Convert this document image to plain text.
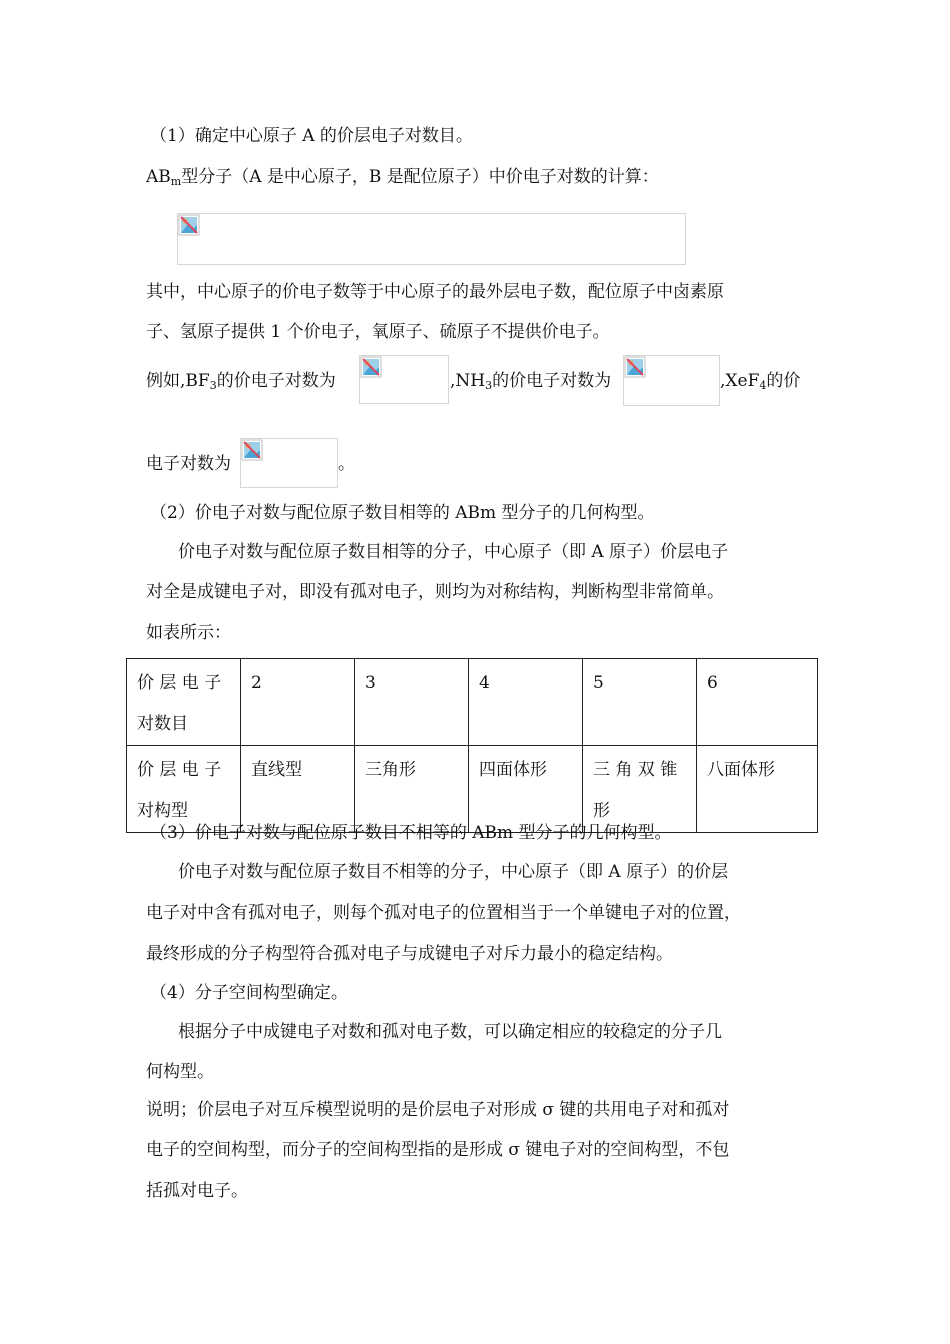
（1）确定中心原子 A 的价层电子对数目。
$AB_m$型分子（A 是中心原子，B 是配位原子）中价电子对数的计算：
其中，中心原子的价电子数等于中心原子的最外层电子数，配位原子中卤素原
子、氢原子提供 1 个价电子，氧原子、硫原子不提供价电子。
例如$,BF_3$的价电子对数为	$,NH_3$的价电子对数为	,XeF$_4$的价
电子对数为	。
（2）价电子对数与配位原子数目相等的 ABm 型分子的几何构型。
价电子对数与配位原子数目相等的分子，中心原子（即 A 原子）价层电子
对全是成键电子对，即没有孤对电子，则均为对称结构，判断构型非常简单。
如表所示：
价 层 电 子
对数目	2	3	4	5	6
价 层 电 子
对构型	直线型	三角形	四面体形	三 角 双 锥
形	八面体形
（3）价电子对数与配位原子数目不相等的 ABm 型分子的几何构型。
价电子对数与配位原子数目不相等的分子，中心原子（即 A 原子）的价层
电子对中含有孤对电子，则每个孤对电子的位置相当于一个单键电子对的位置，
最终形成的分子构型符合孤对电子与成键电子对斥力最小的稳定结构。
（4）分子空间构型确定。
根据分子中成键电子对数和孤对电子数，可以确定相应的较稳定的分子几
何构型。
说明；价层电子对互斥模型说明的是价层电子对形成 σ 键的共用电子对和孤对
电子的空间构型，而分子的空间构型指的是形成 σ 键电子对的空间构型，不包
括孤对电子。
